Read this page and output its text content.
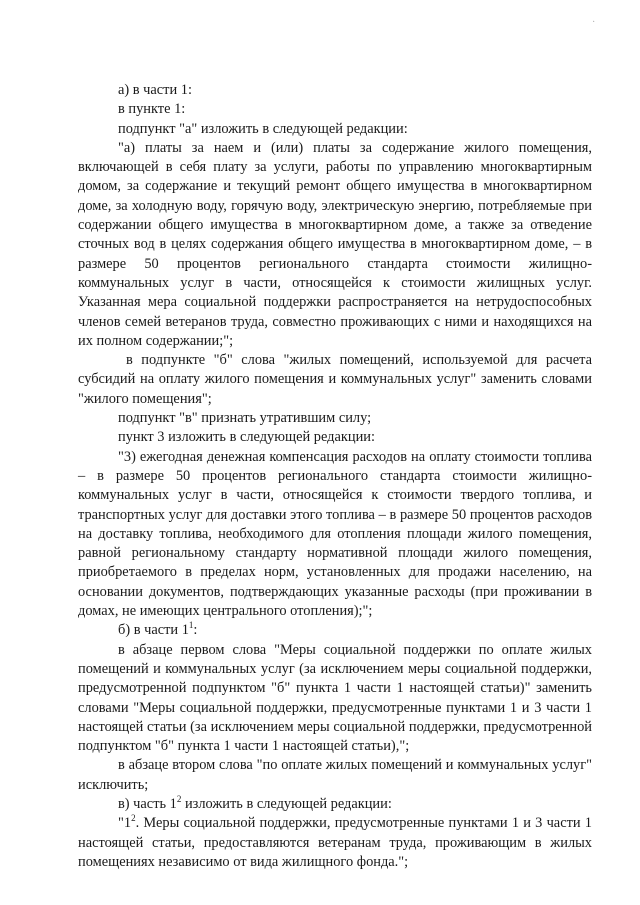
·

а) в части 1:

в пункте 1:

подпункт "а" изложить в следующей редакции:

"а) платы за наем и (или) платы за содержание жилого помещения, включающей в себя плату за услуги, работы по управлению многоквартирным домом, за содержание и текущий ремонт общего имущества в многоквартирном доме, за холодную воду, горячую воду, электрическую энергию, потребляемые при содержании общего имущества в многоквартирном доме, а также за отведение сточных вод в целях содержания общего имущества в многоквартирном доме, – в размере 50 процентов регионального стандарта стоимости жилищно-коммунальных услуг в части, относящейся к стоимости жилищных услуг. Указанная мера социальной поддержки распространяется на нетрудоспособных членов семей ветеранов труда, совместно проживающих с ними и находящихся на их полном содержании;";

в подпункте "б" слова "жилых помещений, используемой для расчета субсидий на оплату жилого помещения и коммунальных услуг" заменить словами "жилого помещения";

подпункт "в" признать утратившим силу;

пункт 3 изложить в следующей редакции:

"3) ежегодная денежная компенсация расходов на оплату стоимости топлива – в размере 50 процентов регионального стандарта стоимости жилищно-коммунальных услуг в части, относящейся к стоимости твердого топлива, и транспортных услуг для доставки этого топлива – в размере 50 процентов расходов на доставку топлива, необходимого для отопления площади жилого помещения, равной региональному стандарту нормативной площади жилого помещения, приобретаемого в пределах норм, установленных для продажи населению, на основании документов, подтверждающих указанные расходы (при проживании в домах, не имеющих центрального отопления);";

б) в части $1^1$:

в абзаце первом слова "Меры социальной поддержки по оплате жилых помещений и коммунальных услуг (за исключением меры социальной поддержки, предусмотренной подпунктом "б" пункта 1 части 1 настоящей статьи)" заменить словами "Меры социальной поддержки, предусмотренные пунктами 1 и 3 части 1 настоящей статьи (за исключением меры социальной поддержки, предусмотренной подпунктом "б" пункта 1 части 1 настоящей статьи),";

в абзаце втором слова "по оплате жилых помещений и коммунальных услуг" исключить;

в) часть $1^2$ изложить в следующей редакции:

"$1^2$. Меры социальной поддержки, предусмотренные пунктами 1 и 3 части 1 настоящей статьи, предоставляются ветеранам труда, проживающим в жилых помещениях независимо от вида жилищного фонда.";
